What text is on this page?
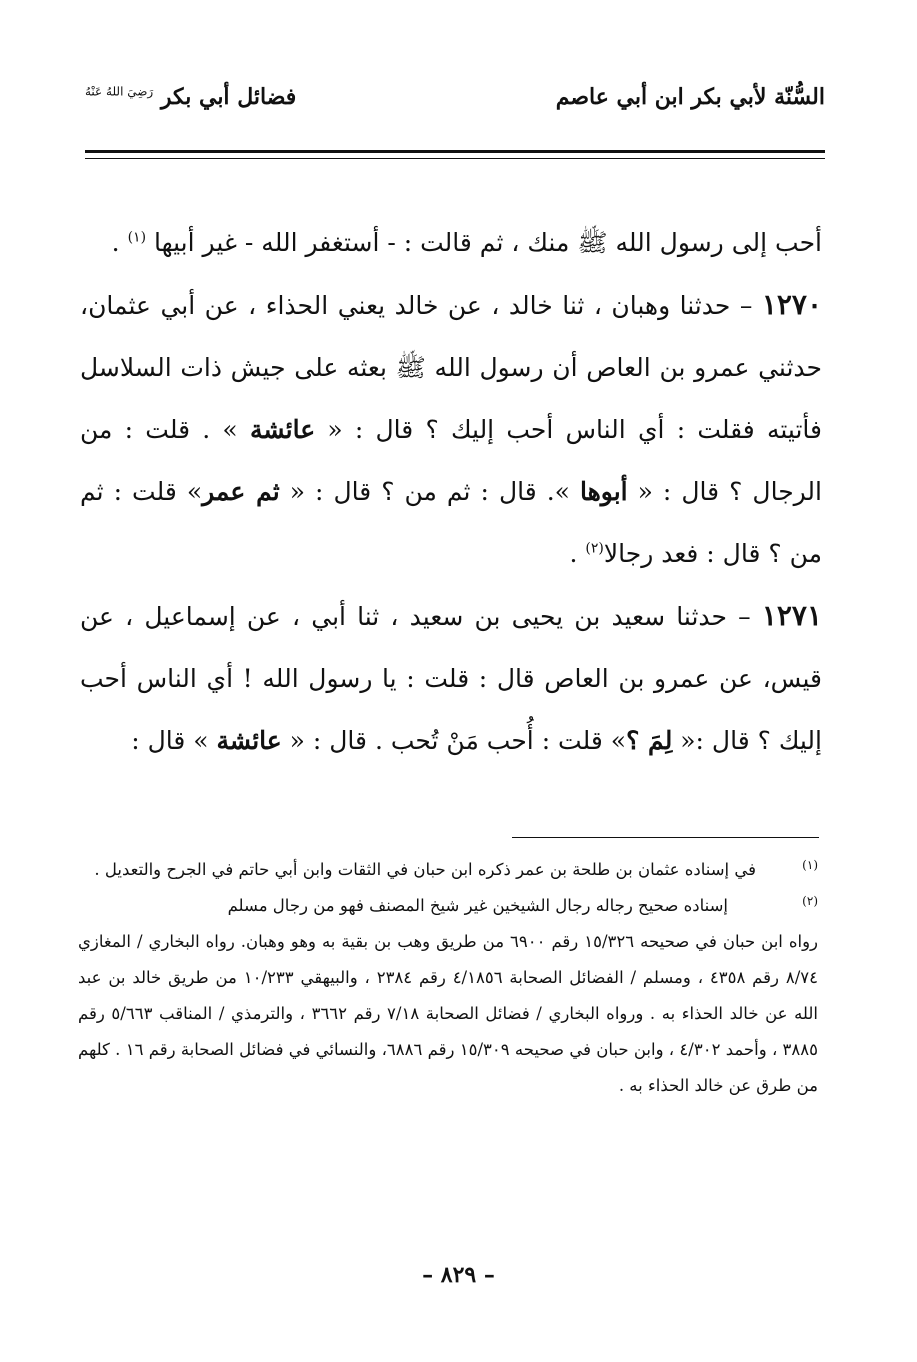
السُّنّة لأبي بكر ابن أبي عاصم
فضائل أبي بكر $^{رَضِيَ اللهُ عَنْهُ}$

أحب إلى رسول الله ﷺ منك ، ثم قالت : - أستغفر الله - غير أبيها $^{(١)}$ .

١٢٧٠ – حدثنا وهبان ، ثنا خالد ، عن خالد يعني الحذاء ، عن أبي عثمان، حدثني عمرو بن العاص أن رسول الله ﷺ بعثه على جيش ذات السلاسل فأتيته فقلت : أي الناس أحب إليك ؟ قال : « عائشة » . قلت : من الرجال ؟ قال : « أبوها ». قال : ثم من ؟ قال : « ثم عمر» قلت : ثم من ؟ قال : فعد رجالا$^{(٢)}$ .

١٢٧١ – حدثنا سعيد بن يحيى بن سعيد ، ثنا أبي ، عن إسماعيل ، عن قيس، عن عمرو بن العاص قال : قلت : يا رسول الله ! أي الناس أحب إليك ؟ قال :« لِمَ ؟» قلت : أُحب مَنْ تُحب . قال : « عائشة » قال :

(١)

في إسناده عثمان بن طلحة بن عمر ذكره ابن حبان في الثقات وابن أبي حاتم في الجرح والتعديل .

(٢)

إسناده صحيح رجاله رجال الشيخين غير شيخ المصنف فهو من رجال مسلم

رواه ابن حبان في صحيحه ١٥/٣٢٦ رقم ٦٩٠٠ من طريق وهب بن بقية به وهو وهبان. رواه البخاري / المغازي ٨/٧٤ رقم ٤٣٥٨ ، ومسلم / الفضائل الصحابة ٤/١٨٥٦ رقم ٢٣٨٤ ، والبيهقي ١٠/٢٣٣ من طريق خالد بن عبد الله عن خالد الحذاء به . ورواه البخاري / فضائل الصحابة ٧/١٨ رقم ٣٦٦٢ ، والترمذي / المناقب ٥/٦٦٣ رقم ٣٨٨٥ ، وأحمد ٤/٣٠٢ ، وابن حبان في صحيحه ١٥/٣٠٩ رقم ٦٨٨٦، والنسائي في فضائل الصحابة رقم ١٦ . كلهم من طرق عن خالد الحذاء به .

– ٨٢٩ –
